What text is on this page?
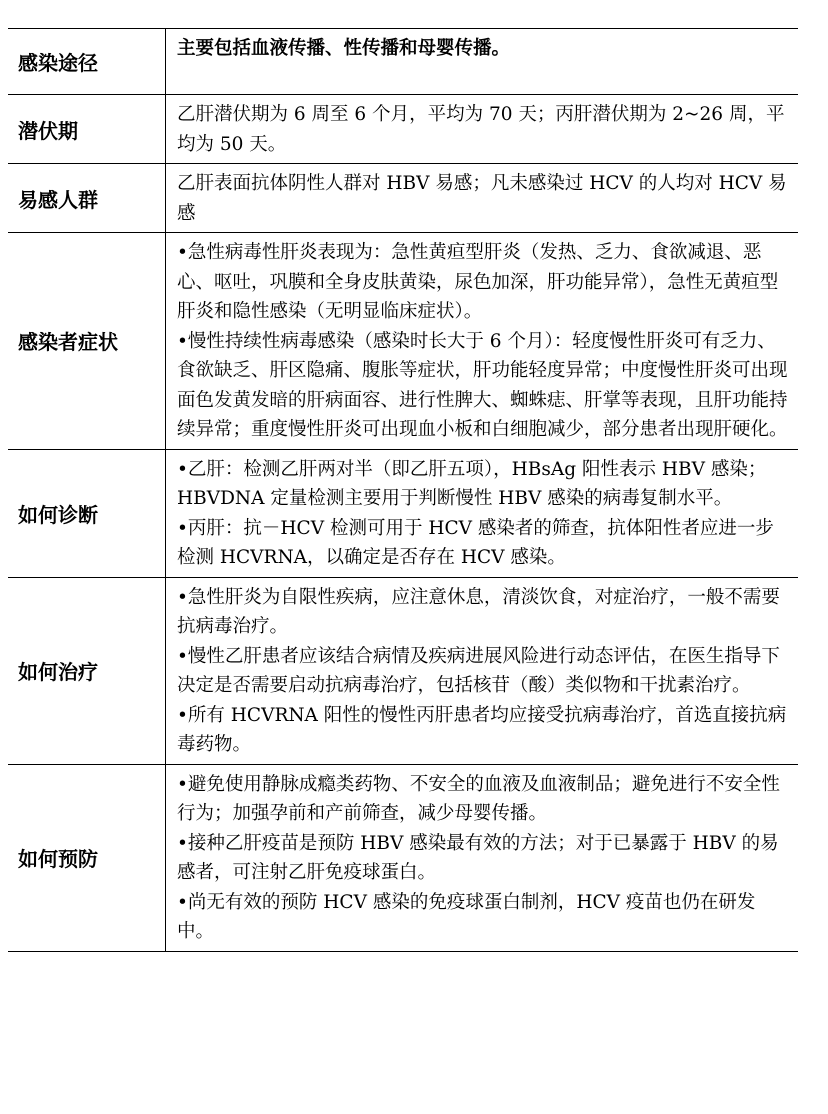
感染途径	主要包括血液传播、性传播和母婴传播。

潜伏期	乙肝潜伏期为 6 周至 6 个月，平均为 70 天；丙肝潜伏期为 2~26 周，平均为 50 天。

易感人群	乙肝表面抗体阴性人群对 HBV 易感；凡未感染过 HCV 的人均对 HCV 易感

感染者症状	•急性病毒性肝炎表现为：急性黄疸型肝炎（发热、乏力、食欲减退、恶心、呕吐，巩膜和全身皮肤黄染，尿色加深，肝功能异常），急性无黄疸型肝炎和隐性感染（无明显临床症状）。

•慢性持续性病毒感染（感染时长大于 6 个月）：轻度慢性肝炎可有乏力、食欲缺乏、肝区隐痛、腹胀等症状，肝功能轻度异常；中度慢性肝炎可出现面色发黄发暗的肝病面容、进行性脾大、蜘蛛痣、肝掌等表现，且肝功能持续异常；重度慢性肝炎可出现血小板和白细胞减少，部分患者出现肝硬化。

如何诊断	•乙肝：检测乙肝两对半（即乙肝五项），HBsAg 阳性表示 HBV 感染；HBVDNA 定量检测主要用于判断慢性 HBV 感染的病毒复制水平。

•丙肝：抗－HCV 检测可用于 HCV 感染者的筛查，抗体阳性者应进一步检测 HCVRNA，以确定是否存在 HCV 感染。

如何治疗	•急性肝炎为自限性疾病，应注意休息，清淡饮食，对症治疗，一般不需要抗病毒治疗。

•慢性乙肝患者应该结合病情及疾病进展风险进行动态评估，在医生指导下决定是否需要启动抗病毒治疗，包括核苷（酸）类似物和干扰素治疗。

•所有 HCVRNA 阳性的慢性丙肝患者均应接受抗病毒治疗，首选直接抗病毒药物。

如何预防	•避免使用静脉成瘾类药物、不安全的血液及血液制品；避免进行不安全性行为；加强孕前和产前筛查，减少母婴传播。

•接种乙肝疫苗是预防 HBV 感染最有效的方法；对于已暴露于 HBV 的易感者，可注射乙肝免疫球蛋白。

•尚无有效的预防 HCV 感染的免疫球蛋白制剂，HCV 疫苗也仍在研发中。
